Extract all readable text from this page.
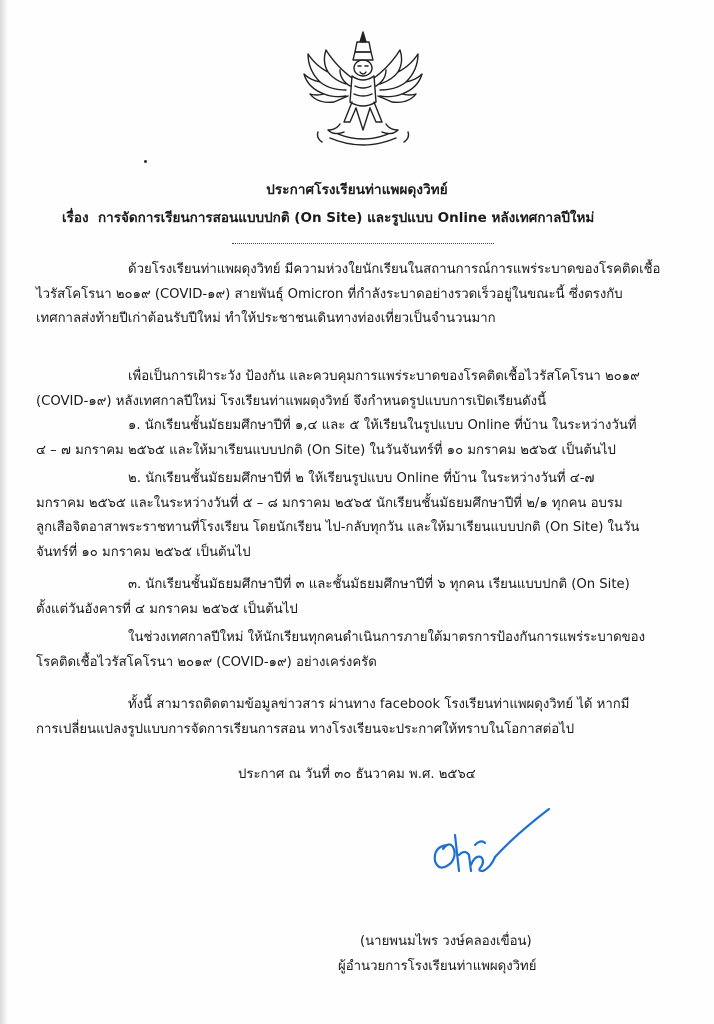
ประกาศโรงเรียนท่าแพผดุงวิทย์
เรื่อง การจัดการเรียนการสอนแบบปกติ (On Site) และรูปแบบ Online หลังเทศกาลปีใหม่
ด้วยโรงเรียนท่าแพผดุงวิทย์ มีความห่วงใยนักเรียนในสถานการณ์การแพร่ระบาดของโรคติดเชื้อ
ไวรัสโคโรนา ๒๐๑๙ (COVID-๑๙) สายพันธุ์ Omicron ที่กำลังระบาดอย่างรวดเร็วอยู่ในขณะนี้ ซึ่งตรงกับ
เทศกาลส่งท้ายปีเก่าต้อนรับปีใหม่ ทำให้ประชาชนเดินทางท่องเที่ยวเป็นจำนวนมาก
เพื่อเป็นการเฝ้าระวัง ป้องกัน และควบคุมการแพร่ระบาดของโรคติดเชื้อไวรัสโคโรนา ๒๐๑๙
(COVID-๑๙) หลังเทศกาลปีใหม่ โรงเรียนท่าแพผดุงวิทย์ จึงกำหนดรูปแบบการเปิดเรียนดังนี้
๑. นักเรียนชั้นมัธยมศึกษาปีที่ ๑,๔ และ ๕ ให้เรียนในรูปแบบ Online ที่บ้าน ในระหว่างวันที่
๔ – ๗ มกราคม ๒๕๖๕ และให้มาเรียนแบบปกติ (On Site) ในวันจันทร์ที่ ๑๐ มกราคม ๒๕๖๕ เป็นต้นไป
๒. นักเรียนชั้นมัธยมศึกษาปีที่ ๒ ให้เรียนรูปแบบ Online ที่บ้าน ในระหว่างวันที่ ๔-๗
มกราคม ๒๕๖๕ และในระหว่างวันที่ ๕ – ๘ มกราคม ๒๕๖๕ นักเรียนชั้นมัธยมศึกษาปีที่ ๒/๑ ทุกคน อบรม
ลูกเสือจิตอาสาพระราชทานที่โรงเรียน โดยนักเรียน ไป-กลับทุกวัน และให้มาเรียนแบบปกติ (On Site) ในวัน
จันทร์ที่ ๑๐ มกราคม ๒๕๖๕ เป็นต้นไป
๓. นักเรียนชั้นมัธยมศึกษาปีที่ ๓ และชั้นมัธยมศึกษาปีที่ ๖ ทุกคน เรียนแบบปกติ (On Site)
ตั้งแต่วันอังคารที่ ๔ มกราคม ๒๕๖๕ เป็นต้นไป
ในช่วงเทศกาลปีใหม่ ให้นักเรียนทุกคนดำเนินการภายใต้มาตรการป้องกันการแพร่ระบาดของ
โรคติดเชื้อไวรัสโคโรนา ๒๐๑๙ (COVID-๑๙) อย่างเคร่งครัด
ทั้งนี้ สามารถติดตามข้อมูลข่าวสาร ผ่านทาง facebook โรงเรียนท่าแพผดุงวิทย์ ได้ หากมี
การเปลี่ยนแปลงรูปแบบการจัดการเรียนการสอน ทางโรงเรียนจะประกาศให้ทราบในโอกาสต่อไป
ประกาศ ณ วันที่ ๓๐ ธันวาคม พ.ศ. ๒๕๖๔
(นายพนมไพร วงษ์คลองเขื่อน)
ผู้อำนวยการโรงเรียนท่าแพผดุงวิทย์
